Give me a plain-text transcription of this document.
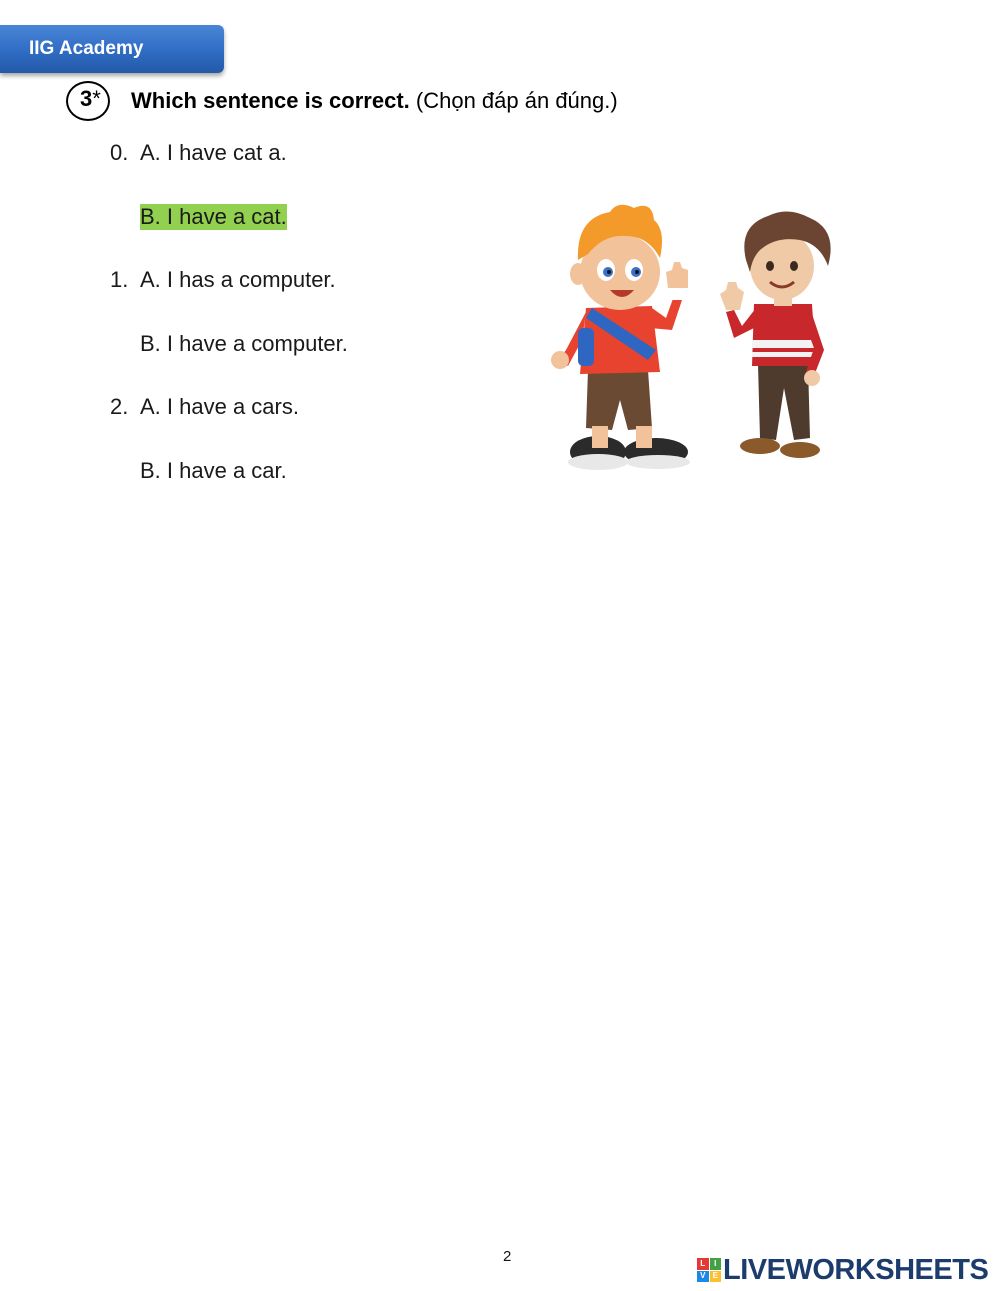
IIG Academy
3* Which sentence is correct. (Chọn đáp án đúng.)
0. A. I have cat a.
B. I have a cat.
1. A. I has a computer.
B. I have a computer.
2. A. I have a cars.
B. I have a car.
2	L	I
V E LIVEWORKSHEETS
